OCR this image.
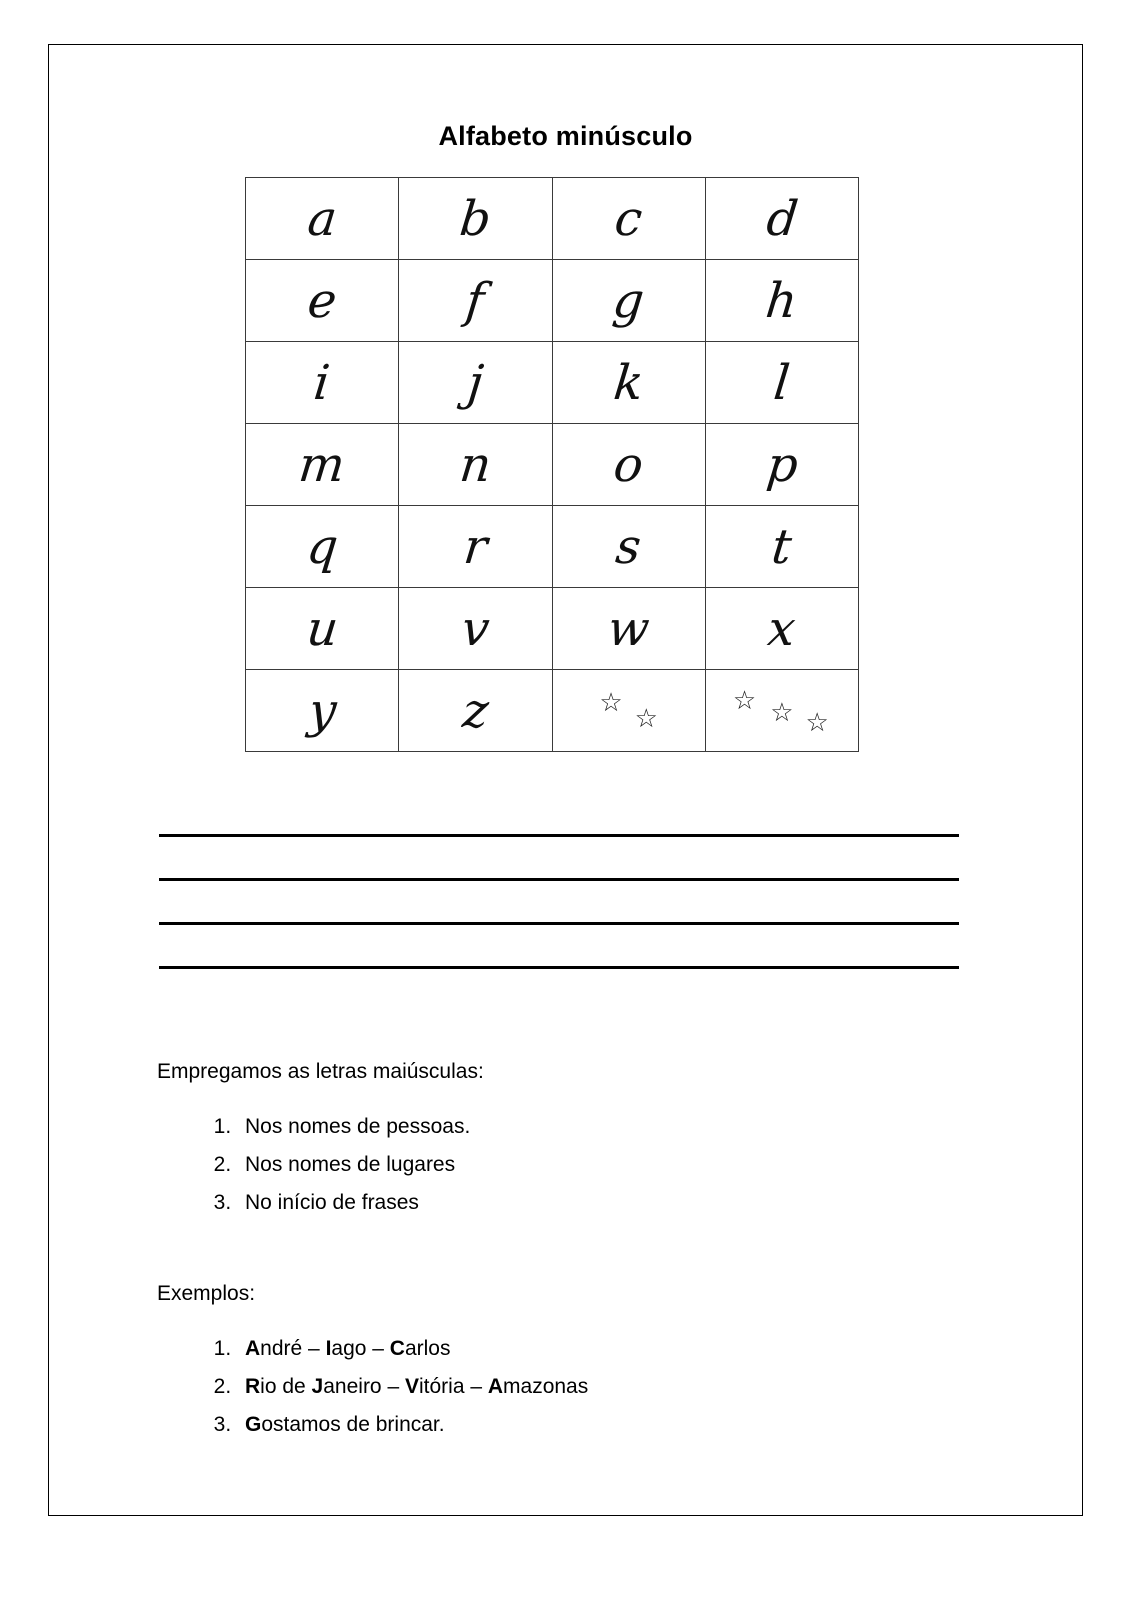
Alfabeto minúsculo
a	b	c	d
e	f	g	h
i	j	k	l
m	n	o	p
q	r	s	t
u	v	w	x
y	z	☆☆	☆ ☆ ☆
Empregamos as letras maiúsculas:
1. Nos nomes de pessoas.
2. Nos nomes de lugares
3. No início de frases
Exemplos:
1. André – Iago – Carlos
2. Rio de Janeiro – Vitória – Amazonas
3. Gostamos de brincar.
